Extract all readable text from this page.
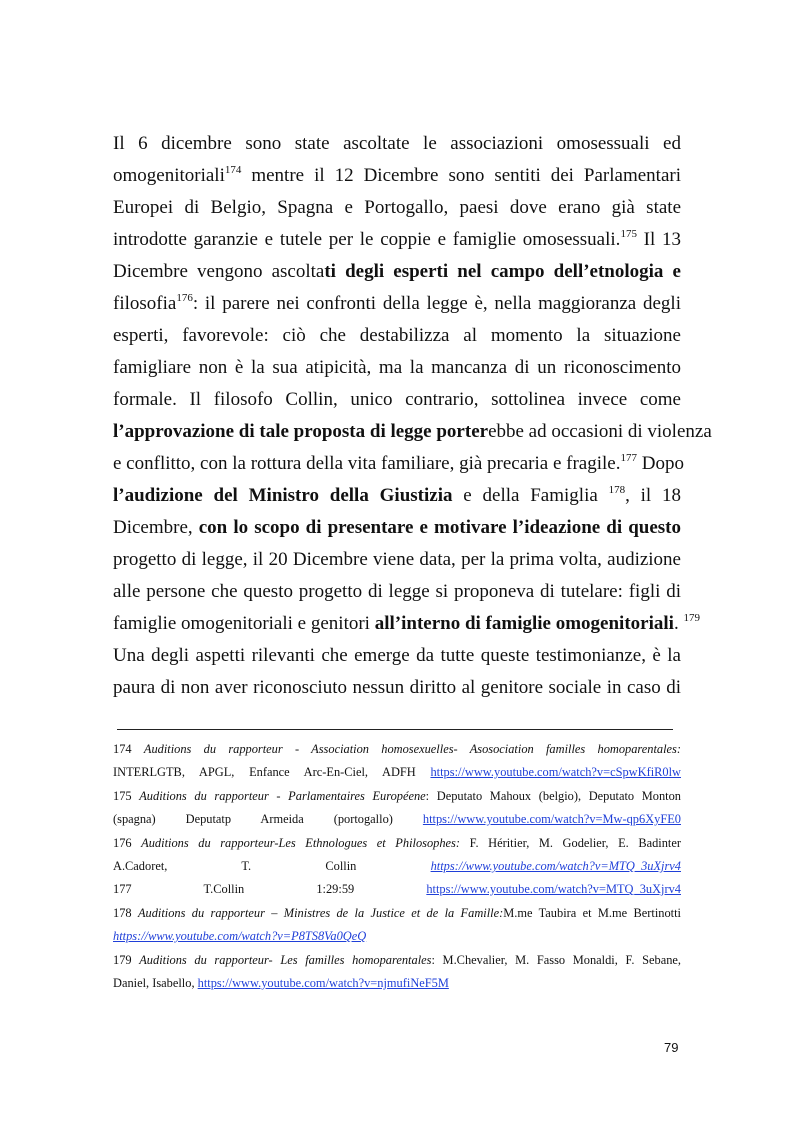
Il 6 dicembre sono state ascoltate le associazioni omosessuali ed
omogenitoriali$^{174}$ mentre il 12 Dicembre sono sentiti dei Parlamentari
Europei di Belgio, Spagna e Portogallo, paesi dove erano già state
introdotte garanzie e tutele per le coppie e famiglie omosessuali.$^{175}$ Il 13
Dicembre vengono ascoltati degli esperti nel campo dell’etnologia e
filosofia$^{176}$: il parere nei confronti della legge è, nella maggioranza degli
esperti, favorevole: ciò che destabilizza al momento la situazione
famigliare non è la sua atipicità, ma la mancanza di un riconoscimento
formale. Il filosofo Collin, unico contrario, sottolinea invece come
l’approvazione di tale proposta di legge porterebbe ad occasioni di violenza
e conflitto, con la rottura della vita familiare, già precaria e fragile.$^{177}$ Dopo
l’audizione del Ministro della Giustizia e della Famiglia $^{178}$, il 18
Dicembre, con lo scopo di presentare e motivare l’ideazione di questo
progetto di legge, il 20 Dicembre viene data, per la prima volta, audizione
alle persone che questo progetto di legge si proponeva di tutelare: figli di
famiglie omogenitoriali e genitori all’interno di famiglie omogenitoriali. $^{179}$
Una degli aspetti rilevanti che emerge da tutte queste testimonianze, è la
paura di non aver riconosciuto nessun diritto al genitore sociale in caso di
174 Auditions du rapporteur - Association homosexuelles- Asosociation familles homoparentales:
INTERLGTB, APGL, Enfance Arc-En-Ciel, ADFH https://www.youtube.com/watch?v=cSpwKfiR0lw
175 Auditions du rapporteur - Parlamentaires Européene: Deputato Mahoux (belgio), Deputato Monton
(spagna) Deputatp Armeida (portogallo) https://www.youtube.com/watch?v=Mw-qp6XyFE0
176 Auditions du rapporteur-Les Ethnologues et Philosophes: F. Héritier, M. Godelier, E. Badinter
A.Cadoret, T. Collin https://www.youtube.com/watch?v=MTQ_3uXjrv4
177 T.Collin 1:29:59 https://www.youtube.com/watch?v=MTQ_3uXjrv4
178 Auditions du rapporteur – Ministres de la Justice et de la Famille:M.me Taubira et M.me Bertinotti
https://www.youtube.com/watch?v=P8TS8Va0QeQ
179 Auditions du rapporteur- Les familles homoparentales: M.Chevalier, M. Fasso Monaldi, F. Sebane,
Daniel, Isabello, https://www.youtube.com/watch?v=njmufiNeF5M
79
